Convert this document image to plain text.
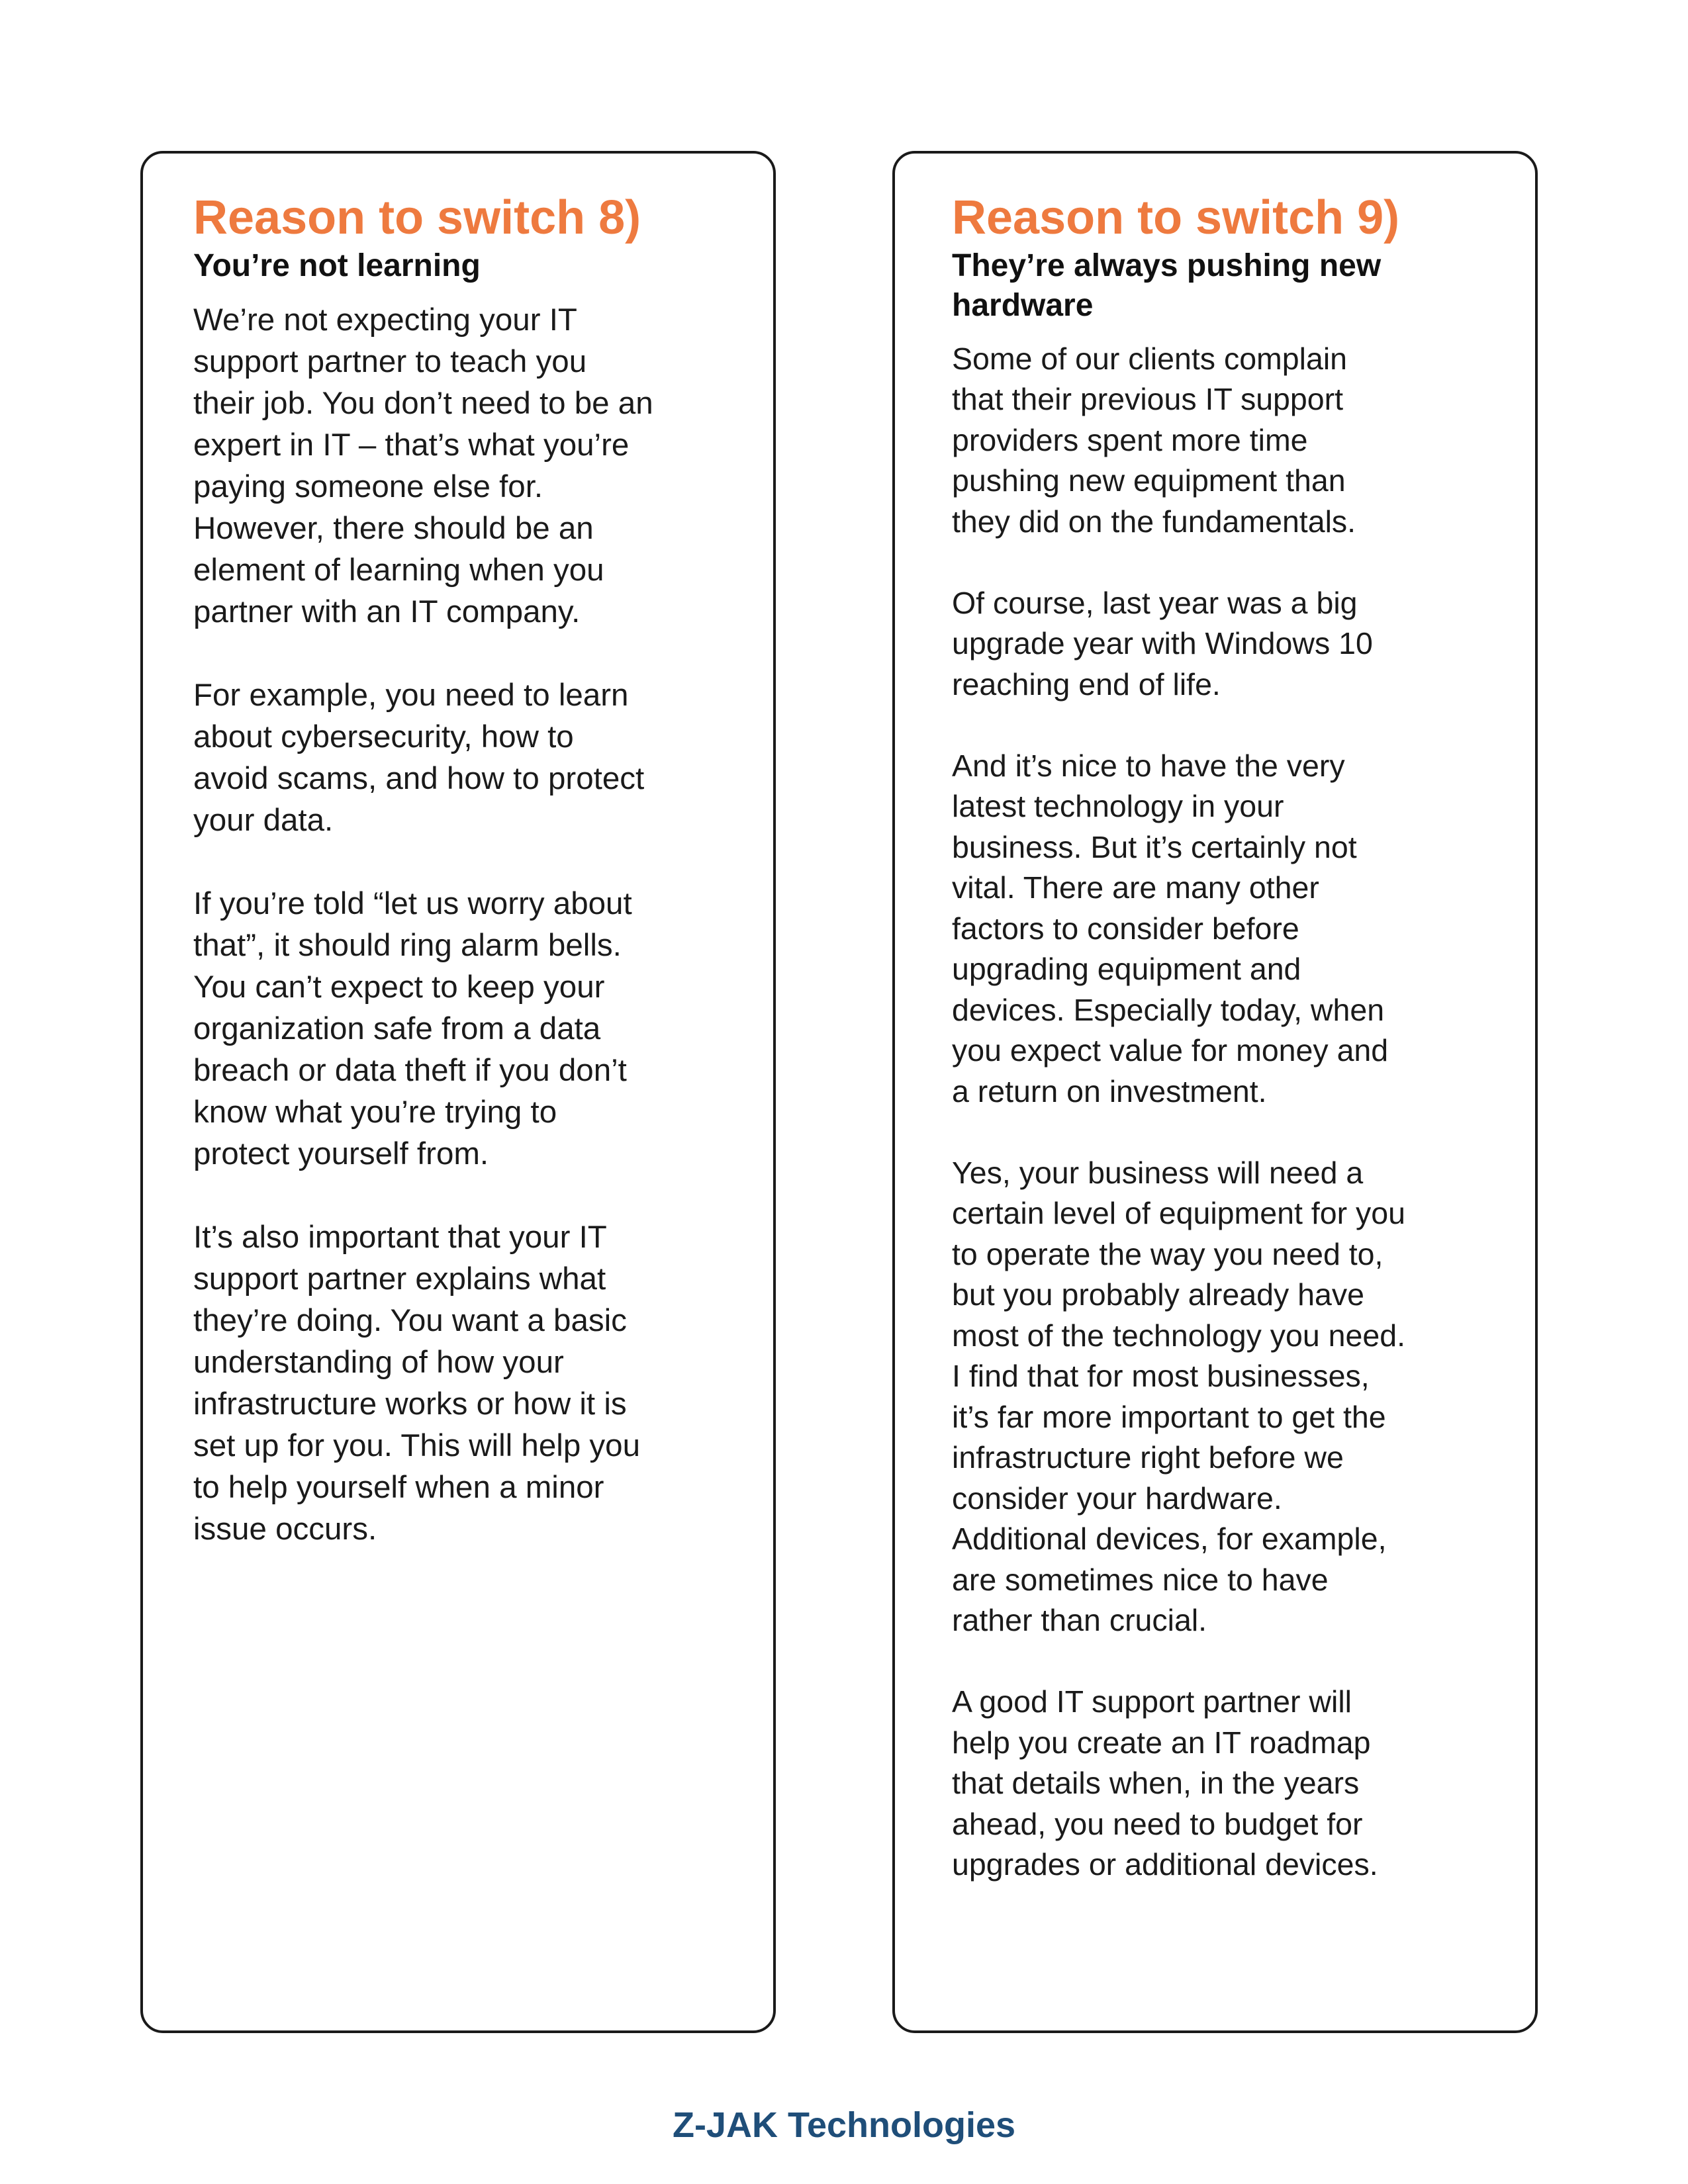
Reason to switch 8)
You’re not learning

We’re not expecting your IT
support partner to teach you
their job. You don’t need to be an
expert in IT – that’s what you’re
paying someone else for.
However, there should be an
element of learning when you
partner with an IT company.

For example, you need to learn
about cybersecurity, how to
avoid scams, and how to protect
your data.

If you’re told “let us worry about
that”, it should ring alarm bells.
You can’t expect to keep your
organization safe from a data
breach or data theft if you don’t
know what you’re trying to
protect yourself from.

It’s also important that your IT
support partner explains what
they’re doing. You want a basic
understanding of how your
infrastructure works or how it is
set up for you. This will help you
to help yourself when a minor
issue occurs.

Reason to switch 9)
They’re always pushing new
hardware

Some of our clients complain
that their previous IT support
providers spent more time
pushing new equipment than
they did on the fundamentals.

Of course, last year was a big
upgrade year with Windows 10
reaching end of life.

And it’s nice to have the very
latest technology in your
business. But it’s certainly not
vital. There are many other
factors to consider before
upgrading equipment and
devices. Especially today, when
you expect value for money and
a return on investment.

Yes, your business will need a
certain level of equipment for you
to operate the way you need to,
but you probably already have
most of the technology you need.
I find that for most businesses,
it’s far more important to get the
infrastructure right before we
consider your hardware.
Additional devices, for example,
are sometimes nice to have
rather than crucial.

A good IT support partner will
help you create an IT roadmap
that details when, in the years
ahead, you need to budget for
upgrades or additional devices.

Z-JAK Technologies
